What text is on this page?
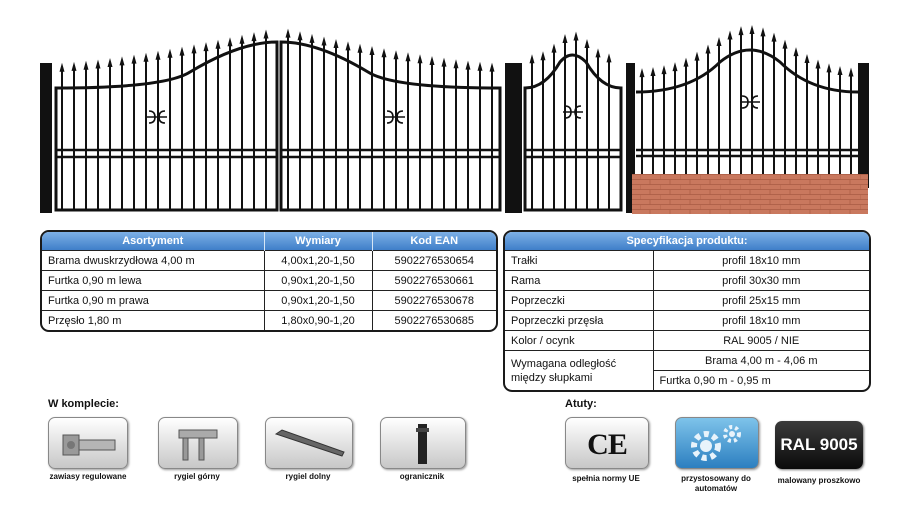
Asortyment	Wymiary	Kod EAN
Brama dwuskrzydłowa 4,00 m	4,00x1,20-1,50	5902276530654
Furtka 0,90 m lewa	0,90x1,20-1,50	5902276530661
Furtka 0,90 m prawa	0,90x1,20-1,50	5902276530678
Przęsło 1,80 m	1,80x0,90-1,20	5902276530685
Specyfikacja produktu:	
Trałki	profil 18x10 mm
Rama	profil 30x30 mm
Poprzeczki	profil 25x15 mm
Poprzeczki przęsła	profil 18x10 mm
Kolor / ocynk	RAL 9005 / NIE
Wymagana odległość między słupkami	Brama 4,00 m - 4,06 m
	Furtka 0,90 m - 0,95 m
W komplecie:
zawiasy regulowane	rygiel górny	rygiel dolny	ogranicznik
Atuty:
CE
spełnia normy UE	przystosowany do automatów
RAL 9005
malowany proszkowo
